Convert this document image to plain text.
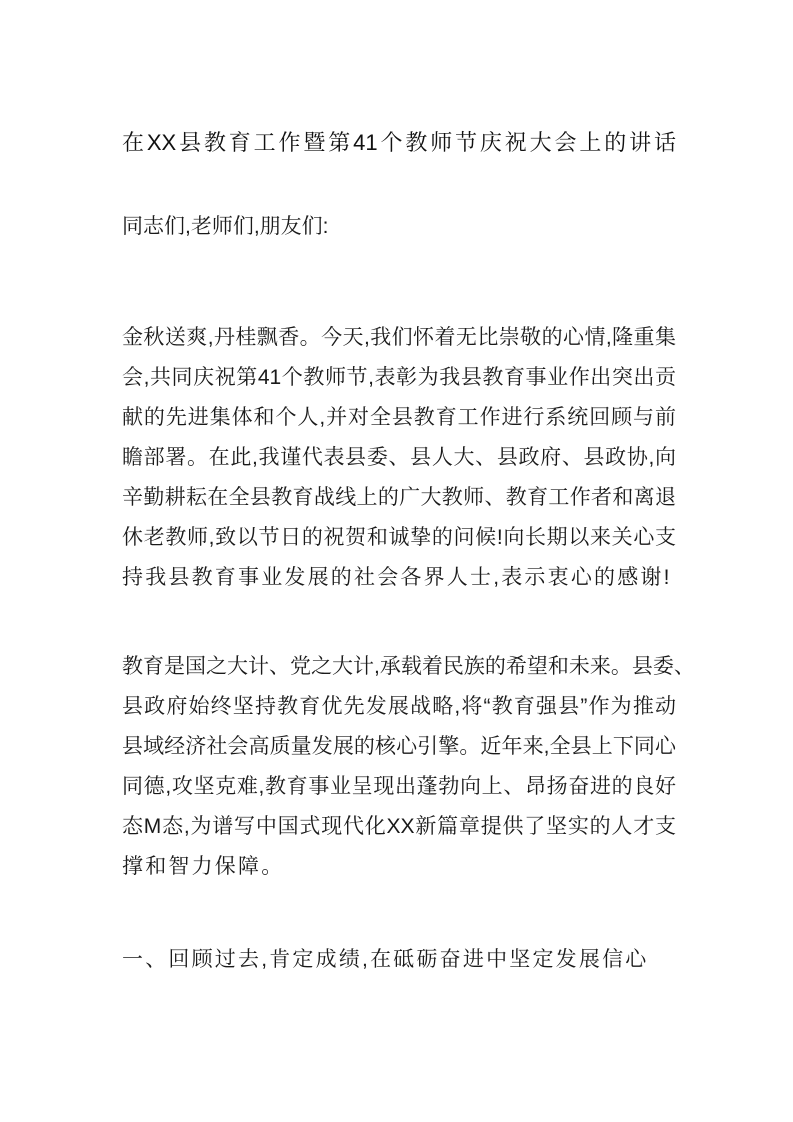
在XX县教育工作暨第41个教师节庆祝大会上的讲话
同志们,老师们,朋友们:
金秋送爽,丹桂飘香。今天,我们怀着无比崇敬的心情,隆重集
会,共同庆祝第41个教师节,表彰为我县教育事业作出突出贡
献的先进集体和个人,并对全县教育工作进行系统回顾与前
瞻部署。在此,我谨代表县委、县人大、县政府、县政协,向
辛勤耕耘在全县教育战线上的广大教师、教育工作者和离退
休老教师,致以节日的祝贺和诚挚的问候!向长期以来关心支
持我县教育事业发展的社会各界人士,表示衷心的感谢!
教育是国之大计、党之大计,承载着民族的希望和未来。县委、
县政府始终坚持教育优先发展战略,将“教育强县”作为推动
县域经济社会高质量发展的核心引擎。近年来,全县上下同心
同德,攻坚克难,教育事业呈现出蓬勃向上、昂扬奋进的良好
态M态,为谱写中国式现代化XX新篇章提供了坚实的人才支
撑和智力保障。
一、回顾过去,肯定成绩,在砥砺奋进中坚定发展信心
